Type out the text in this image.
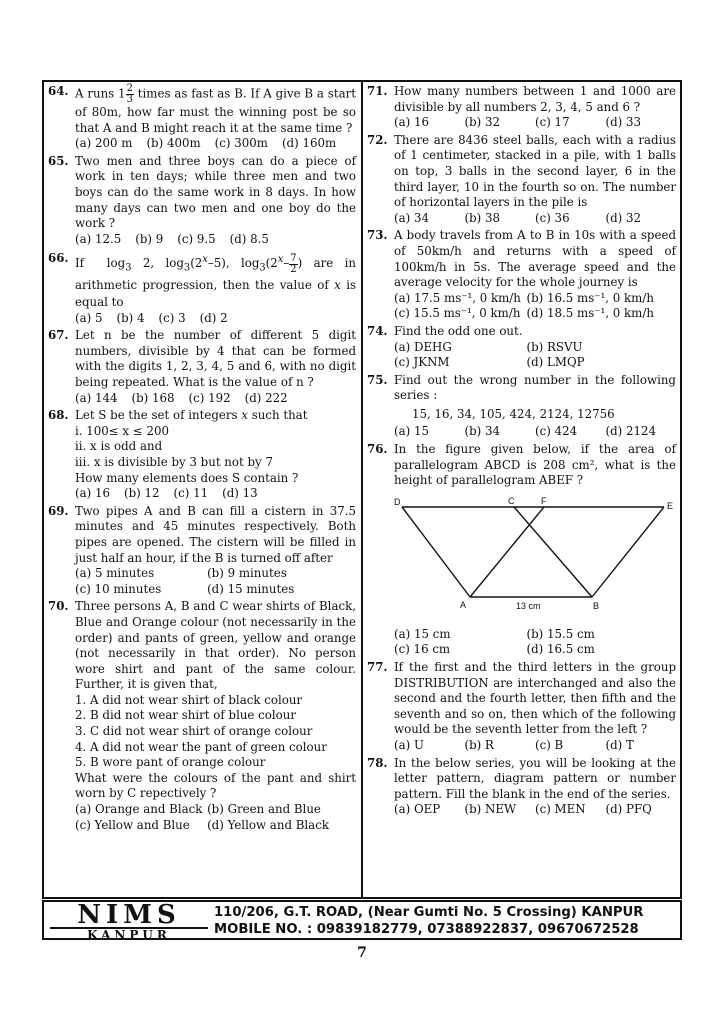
64. A runs $1 \frac{2}{3}$ times as fast as B. If A give B a start of 80m, how far must the winning post be so that A and B might reach it at the same time ?
(a) 200 m (b) 400m (c) 300m (d) 160m
65. Two men and three boys can do a piece of work in ten days; while three men and two boys can do the same work in 8 days. In how many days can two men and one boy do the work ?
(a) 12.5 (b) 9 (c) 9.5 (d) 8.5
66. If $\log_3 2$, $\log_3(2^x-5)$, $\log_3(2^x- \frac{7}{2}$ ) are in arithmetic progression, then the value of x is equal to
(a) 5 (b) 4 (c) 3 (d) 2
67. Let n be the number of different 5 digit numbers, divisible by 4 that can be formed with the digits 1, 2, 3, 4, 5 and 6, with no digit being repeated. What is the value of n ?
(a) 144 (b) 168 (c) 192 (d) 222
68. Let S be the set of integers x such that
i. 100≤ x ≤ 200
ii. x is odd and
iii. x is divisible by 3 but not by 7
How many elements does S contain ?
(a) 16 (b) 12 (c) 11 (d) 13
69. Two pipes A and B can fill a cistern in 37.5 minutes and 45 minutes respectively. Both pipes are opened. The cistern will be filled in just half an hour, if the B is turned off after
(a) 5 minutes	(b) 9 minutes
(c) 10 minutes	(d) 15 minutes
70. Three persons A, B and C wear shirts of Black, Blue and Orange colour (not necessarily in the order) and pants of green, yellow and orange (not necessarily in that order). No person wore shirt and pant of the same colour. Further, it is given that,
1. A did not wear shirt of black colour
2. B did not wear shirt of blue colour
3. C did not wear shirt of orange colour
4. A did not wear the pant of green colour
5. B wore pant of orange colour
What were the colours of the pant and shirt worn by C repectively ?
(a) Orange and Black (b) Green and Blue
(c) Yellow and Blue	(d) Yellow and Black
71. How many numbers between 1 and 1000 are divisible by all numbers 2, 3, 4, 5 and 6 ?
(a) 16	(b) 32	(c) 17	(d) 33
72. There are 8436 steel balls, each with a radius of 1 centimeter, stacked in a pile, with 1 balls on top, 3 balls in the second layer, 6 in the third layer, 10 in the fourth so on. The number of horizontal layers in the pile is
(a) 34	(b) 38	(c) 36	(d) 32
73. A body travels from A to B in 10s with a speed of 50km/h and returns with a speed of 100km/h in 5s. The average speed and the average velocity for the whole journey is
(a) 17.5 ms⁻¹, 0 km/h (b) 16.5 ms⁻¹, 0 km/h
(c) 15.5 ms⁻¹, 0 km/h (d) 18.5 ms⁻¹, 0 km/h
74. Find the odd one out.
(a) DEHG	(b) RSVU
(c) JKNM	(d) LMQP
75. Find out the wrong number in the following series :
15, 16, 34, 105, 424, 2124, 12756
(a) 15	(b) 34	(c) 424	(d) 2124
76. In the figure given below, if the area of parallelogram ABCD is 208 cm², what is the height of parallelogram ABEF ?
D	C	F	E
A	B
13 cm
(a) 15 cm	(b) 15.5 cm
(c) 16 cm	(d) 16.5 cm
77. If the first and the third letters in the group DISTRIBUTION are interchanged and also the second and the fourth letter, then fifth and the seventh and so on, then which of the following would be the seventh letter from the left ?
(a) U	(b) R	(c) B	(d) T
78. In the below series, you will be looking at the letter pattern, diagram pattern or number pattern. Fill the blank in the end of the series.
(a) OEP	(b) NEW	(c) MEN	(d) PFQ
NIMS
KANPUR
110/206, G.T. ROAD, (Near Gumti No. 5 Crossing) KANPUR
MOBILE NO. : 09839182779, 07388922837, 09670672528
7
